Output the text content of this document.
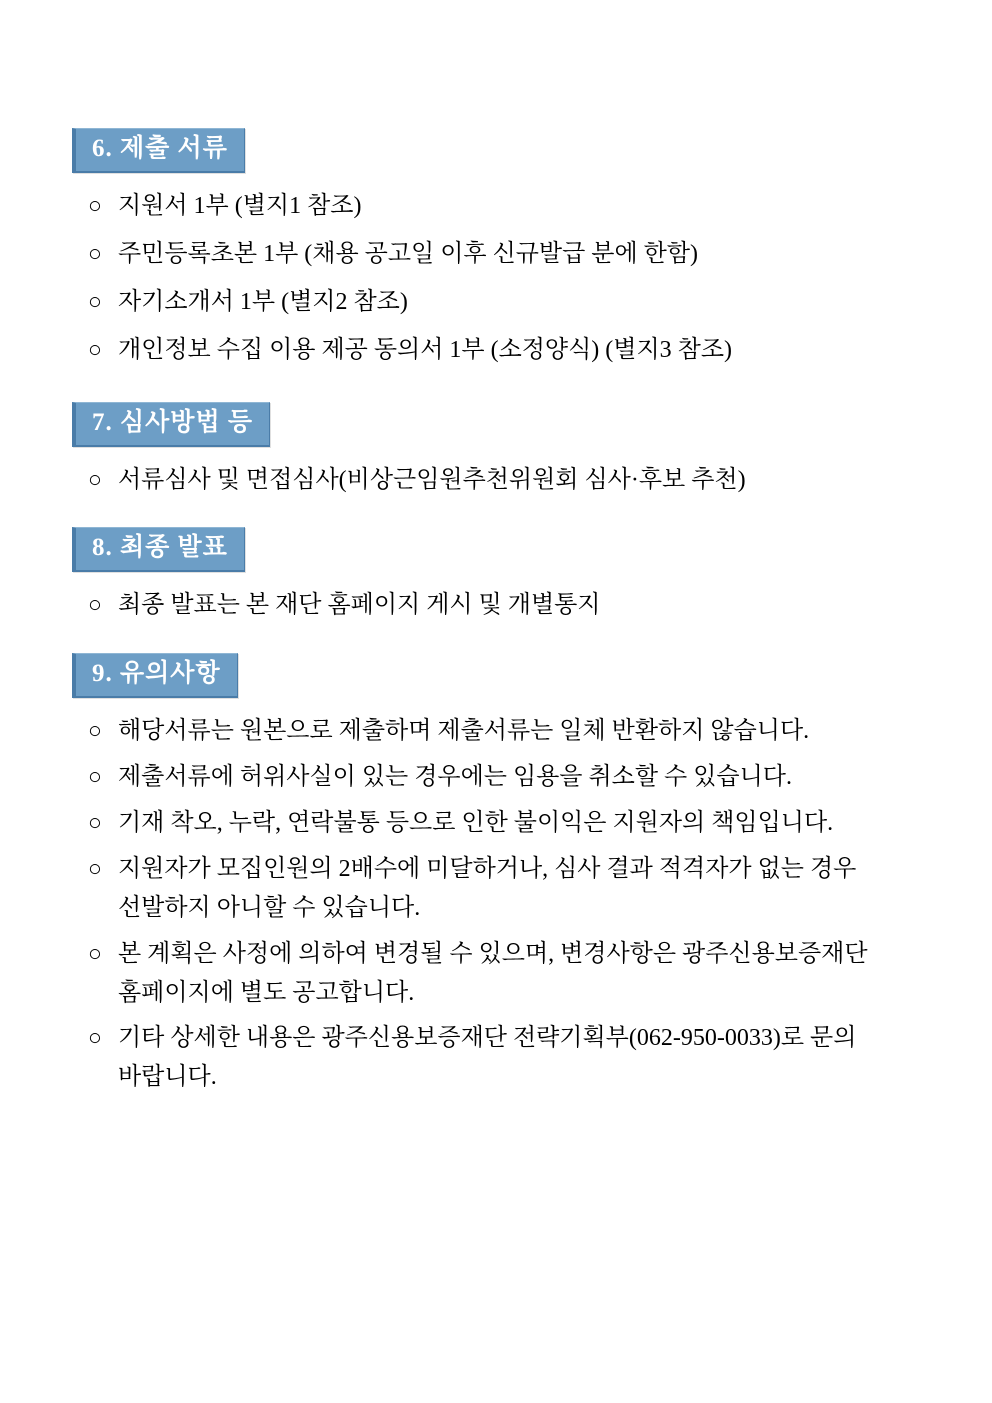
6. 제출 서류
○ 지원서 1부 (별지1 참조)
○ 주민등록초본 1부 (채용 공고일 이후 신규발급 분에 한함)
○ 자기소개서 1부 (별지2 참조)
○ 개인정보 수집 이용 제공 동의서 1부 (소정양식) (별지3 참조)
7. 심사방법 등
○ 서류심사 및 면접심사(비상근임원추천위원회 심사·후보 추천)
8. 최종 발표
○ 최종 발표는 본 재단 홈페이지 게시 및 개별통지
9. 유의사항
○ 해당서류는 원본으로 제출하며 제출서류는 일체 반환하지 않습니다.
○ 제출서류에 허위사실이 있는 경우에는 임용을 취소할 수 있습니다.
○ 기재 착오, 누락, 연락불통 등으로 인한 불이익은 지원자의 책임입니다.
○ 지원자가 모집인원의 2배수에 미달하거나, 심사 결과 적격자가 없는 경우 선발하지 아니할 수 있습니다.
○ 본 계획은 사정에 의하여 변경될 수 있으며, 변경사항은 광주신용보증재단 홈페이지에 별도 공고합니다.
○ 기타 상세한 내용은 광주신용보증재단 전략기획부(062-950-0033)로 문의 바랍니다.
